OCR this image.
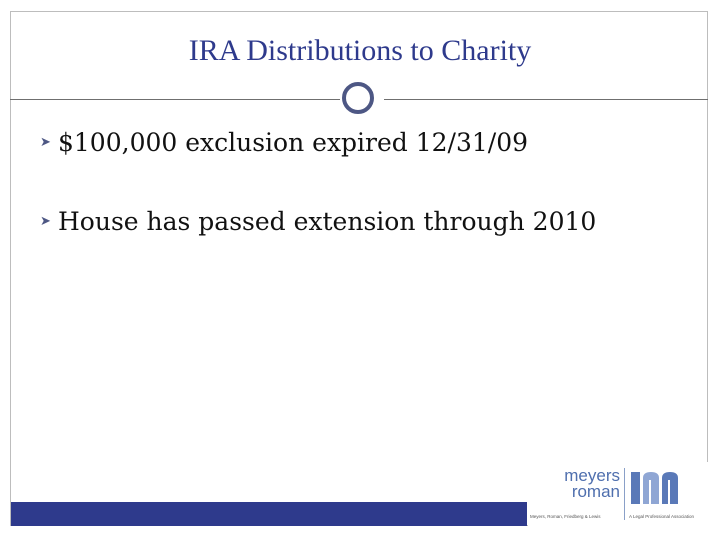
IRA Distributions to Charity
➤ $100,000 exclusion expired 12/31/09
➤ House has passed extension through 2010
meyers
roman
Meyers, Roman, Friedberg & Lewis	A Legal Professional Association
